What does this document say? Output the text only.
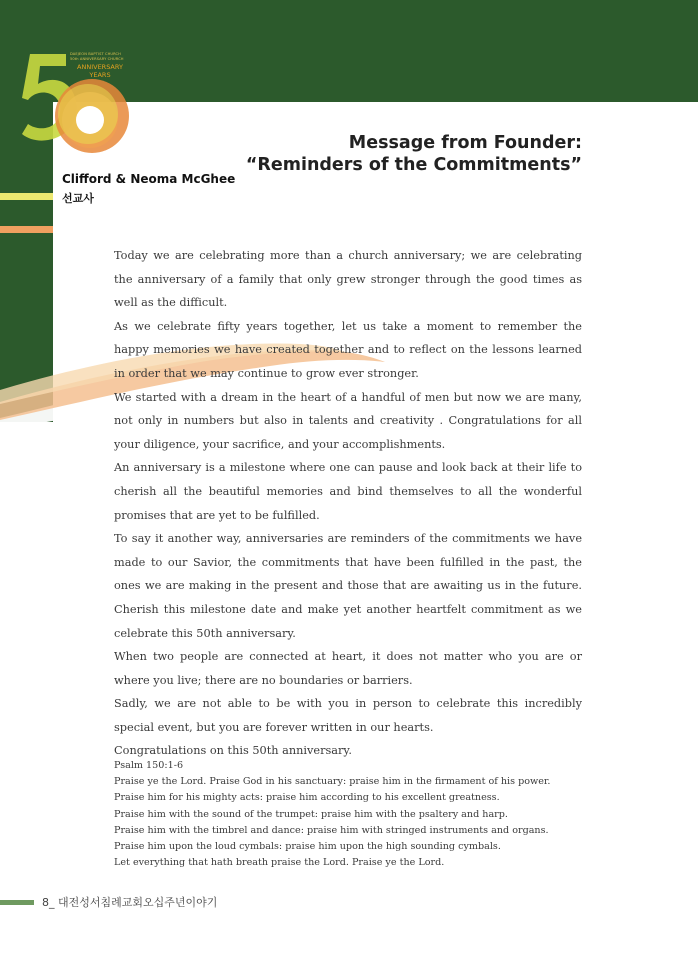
DAEJEON BAPTIST CHURCH
50th ANNIVERSARY CHURCH
ANNIVERSARY
YEARS
Clifford & Neoma McGhee
선교사
Message from Founder:
“Reminders of the Commitments”

Today we are celebrating more than a church anniversary; we are celebrating the anniversary of a family that only grew stronger through the good times as well as the difficult.

As we celebrate fifty years together, let us take a moment to remember the happy memories we have created together and to reflect on the lessons learned in order that we may continue to grow ever stronger.

We started with a dream in the heart of a handful of men but now we are many, not only in numbers but also in talents and creativity . Congratulations for all your diligence, your sacrifice, and your accomplishments.

An anniversary is a milestone where one can pause and look back at their life to cherish all the beautiful memories and bind themselves to all the wonderful promises that are yet to be fulfilled.

To say it another way, anniversaries are reminders of the commitments we have made to our Savior, the commitments that have been fulfilled in the past, the ones we are making in the present and those that are awaiting us in the future. Cherish this milestone date and make yet another heartfelt commitment as we celebrate this 50th anniversary.

When two people are connected at heart, it does not matter who you are or where you live; there are no boundaries or barriers.

Sadly, we are not able to be with you in person to celebrate this incredibly special event, but you are forever written in our hearts.

Congratulations on this 50th anniversary.

Psalm 150:1-6

Praise ye the Lord. Praise God in his sanctuary: praise him in the firmament of his power.

Praise him for his mighty acts: praise him according to his excellent greatness.

Praise him with the sound of the trumpet: praise him with the psaltery and harp.

Praise him with the timbrel and dance: praise him with stringed instruments and organs.

Praise him upon the loud cymbals: praise him upon the high sounding cymbals.

Let everything that hath breath praise the Lord. Praise ye the Lord.

8_ 대전성서침례교회오십주년이야기
